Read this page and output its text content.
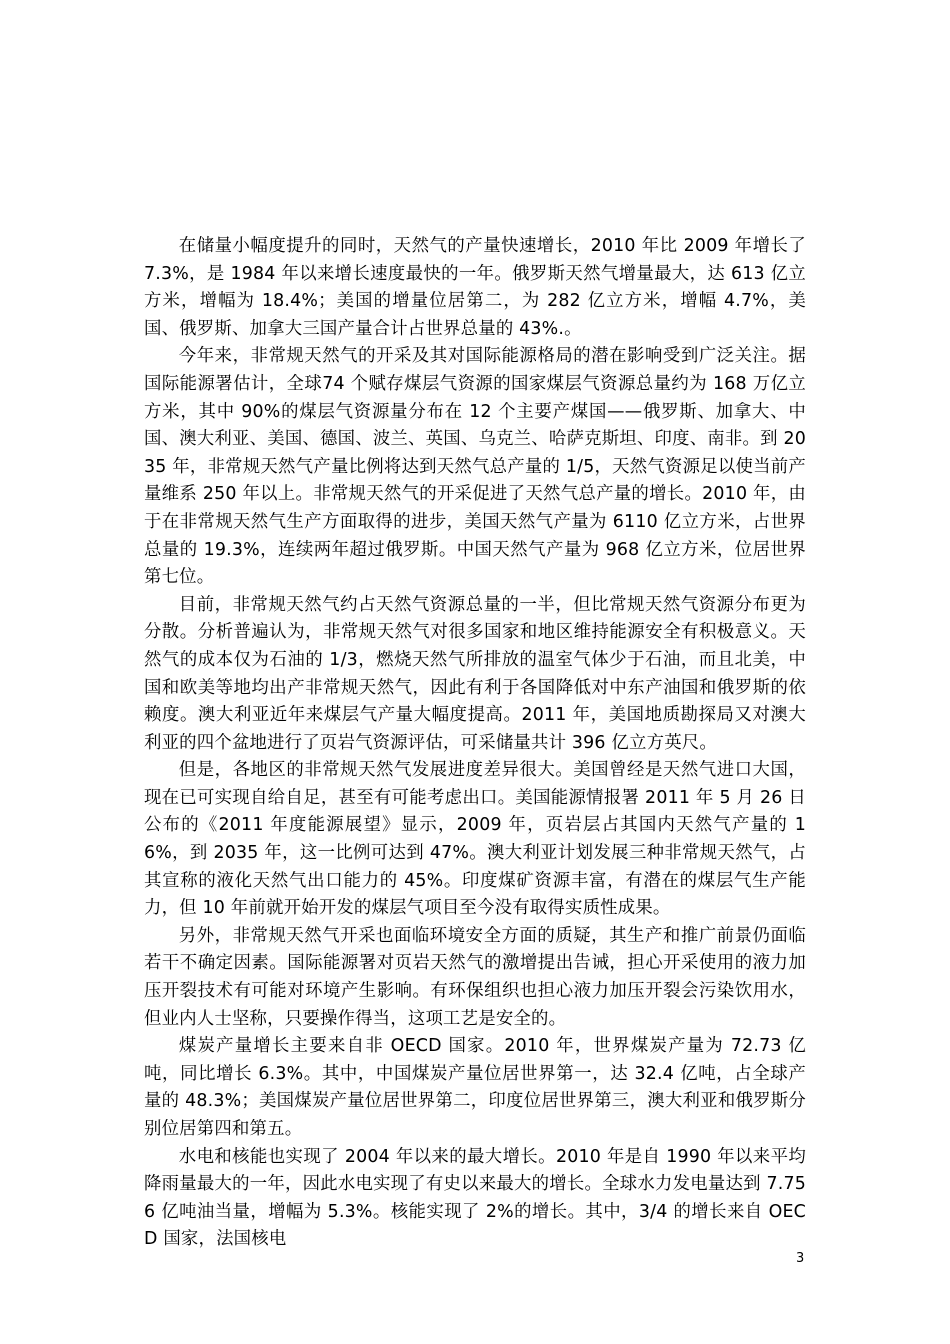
在储量小幅度提升的同时，天然气的产量快速增长，2010 年比 2009 年增长了 7.3%，是 1984 年以来增长速度最快的一年。俄罗斯天然气增量最大，达 613 亿立方米，增幅为 18.4%；美国的增量位居第二，为 282 亿立方米，增幅 4.7%，美国、俄罗斯、加拿大三国产量合计占世界总量的 43%.。

今年来，非常规天然气的开采及其对国际能源格局的潜在影响受到广泛关注。据国际能源署估计，全球74 个赋存煤层气资源的国家煤层气资源总量约为 168 万亿立方米，其中 90%的煤层气资源量分布在 12 个主要产煤国——俄罗斯、加拿大、中国、澳大利亚、美国、德国、波兰、英国、乌克兰、哈萨克斯坦、印度、南非。到 2035 年，非常规天然气产量比例将达到天然气总产量的 1/5，天然气资源足以使当前产量维系 250 年以上。非常规天然气的开采促进了天然气总产量的增长。2010 年，由于在非常规天然气生产方面取得的进步，美国天然气产量为 6110 亿立方米，占世界总量的 19.3%，连续两年超过俄罗斯。中国天然气产量为 968 亿立方米，位居世界第七位。

目前，非常规天然气约占天然气资源总量的一半，但比常规天然气资源分布更为分散。分析普遍认为，非常规天然气对很多国家和地区维持能源安全有积极意义。天然气的成本仅为石油的 1/3，燃烧天然气所排放的温室气体少于石油，而且北美，中国和欧美等地均出产非常规天然气，因此有利于各国降低对中东产油国和俄罗斯的依赖度。澳大利亚近年来煤层气产量大幅度提高。2011 年，美国地质勘探局又对澳大利亚的四个盆地进行了页岩气资源评估，可采储量共计 396 亿立方英尺。

但是，各地区的非常规天然气发展进度差异很大。美国曾经是天然气进口大国，现在已可实现自给自足，甚至有可能考虑出口。美国能源情报署 2011 年 5 月 26 日公布的《2011 年度能源展望》显示，2009 年，页岩层占其国内天然气产量的 16%，到 2035 年，这一比例可达到 47%。澳大利亚计划发展三种非常规天然气，占其宣称的液化天然气出口能力的 45%。印度煤矿资源丰富，有潜在的煤层气生产能力，但 10 年前就开始开发的煤层气项目至今没有取得实质性成果。

另外，非常规天然气开采也面临环境安全方面的质疑，其生产和推广前景仍面临若干不确定因素。国际能源署对页岩天然气的激增提出告诫，担心开采使用的液力加压开裂技术有可能对环境产生影响。有环保组织也担心液力加压开裂会污染饮用水，但业内人士坚称，只要操作得当，这项工艺是安全的。

煤炭产量增长主要来自非 OECD 国家。2010 年，世界煤炭产量为 72.73 亿吨，同比增长 6.3%。其中，中国煤炭产量位居世界第一，达 32.4 亿吨，占全球产量的 48.3%；美国煤炭产量位居世界第二，印度位居世界第三，澳大利亚和俄罗斯分别位居第四和第五。

水电和核能也实现了 2004 年以来的最大增长。2010 年是自 1990 年以来平均降雨量最大的一年，因此水电实现了有史以来最大的增长。全球水力发电量达到 7.756 亿吨油当量，增幅为 5.3%。核能实现了 2%的增长。其中，3/4 的增长来自 OECD 国家，法国核电

3
